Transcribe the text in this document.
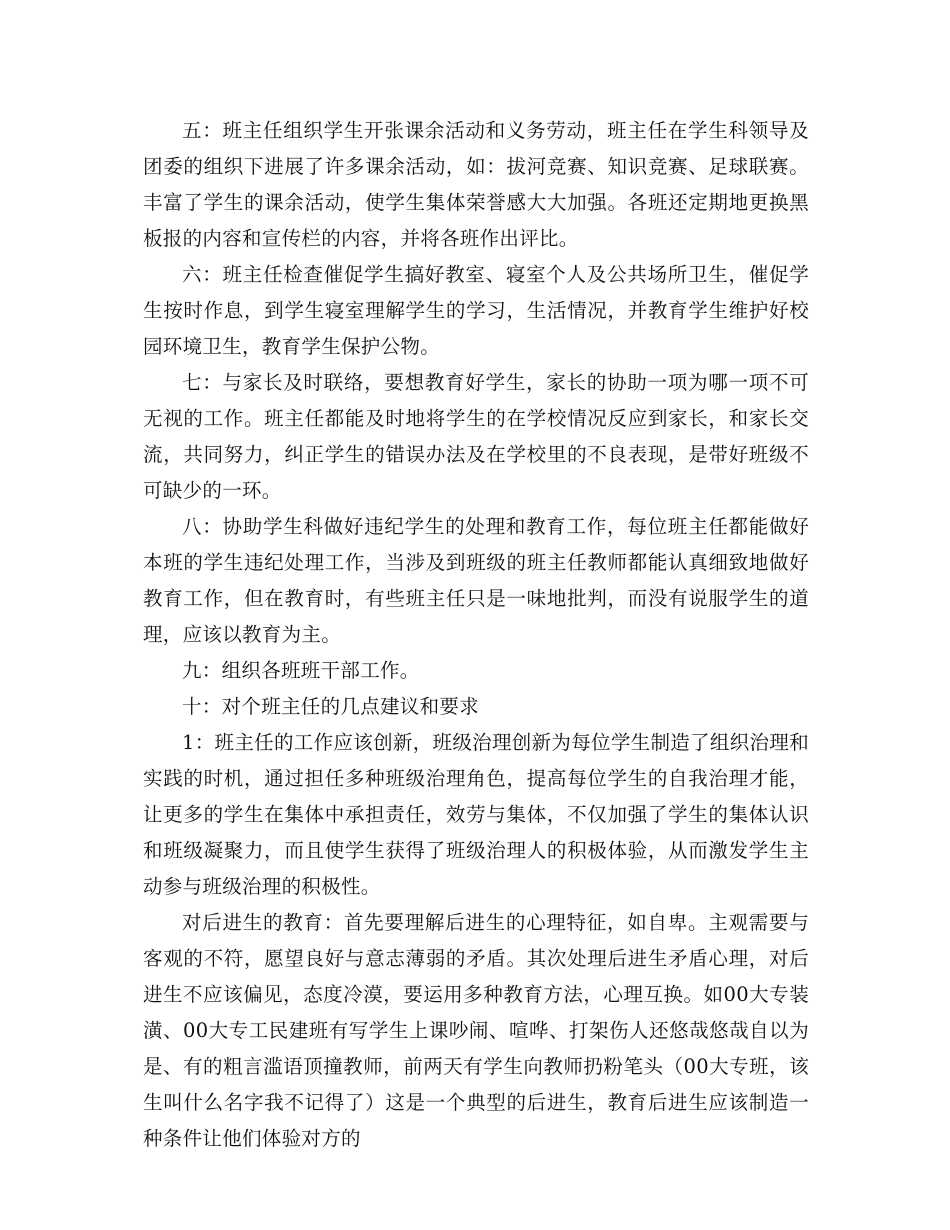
五：班主任组织学生开张课余活动和义务劳动，班主任在学生科领导及团委的组织下进展了许多课余活动，如：拔河竞赛、知识竞赛、足球联赛。丰富了学生的课余活动，使学生集体荣誉感大大加强。各班还定期地更换黑板报的内容和宣传栏的内容，并将各班作出评比。

六：班主任检查催促学生搞好教室、寝室个人及公共场所卫生，催促学生按时作息，到学生寝室理解学生的学习，生活情况，并教育学生维护好校园环境卫生，教育学生保护公物。

七：与家长及时联络，要想教育好学生，家长的协助一项为哪一项不可无视的工作。班主任都能及时地将学生的在学校情况反应到家长，和家长交流，共同努力，纠正学生的错误办法及在学校里的不良表现，是带好班级不可缺少的一环。

八：协助学生科做好违纪学生的处理和教育工作，每位班主任都能做好本班的学生违纪处理工作，当涉及到班级的班主任教师都能认真细致地做好教育工作，但在教育时，有些班主任只是一味地批判，而没有说服学生的道理，应该以教育为主。

九：组织各班班干部工作。

十：对个班主任的几点建议和要求

1：班主任的工作应该创新，班级治理创新为每位学生制造了组织治理和实践的时机，通过担任多种班级治理角色，提高每位学生的自我治理才能，让更多的学生在集体中承担责任，效劳与集体，不仅加强了学生的集体认识和班级凝聚力，而且使学生获得了班级治理人的积极体验，从而激发学生主动参与班级治理的积极性。

对后进生的教育：首先要理解后进生的心理特征，如自卑。主观需要与客观的不符，愿望良好与意志薄弱的矛盾。其次处理后进生矛盾心理，对后进生不应该偏见，态度冷漠，要运用多种教育方法，心理互换。如00大专装潢、00大专工民建班有写学生上课吵闹、喧哗、打架伤人还悠哉悠哉自以为是、有的粗言滥语顶撞教师，前两天有学生向教师扔粉笔头（00大专班，该生叫什么名字我不记得了）这是一个典型的后进生，教育后进生应该制造一种条件让他们体验对方的
